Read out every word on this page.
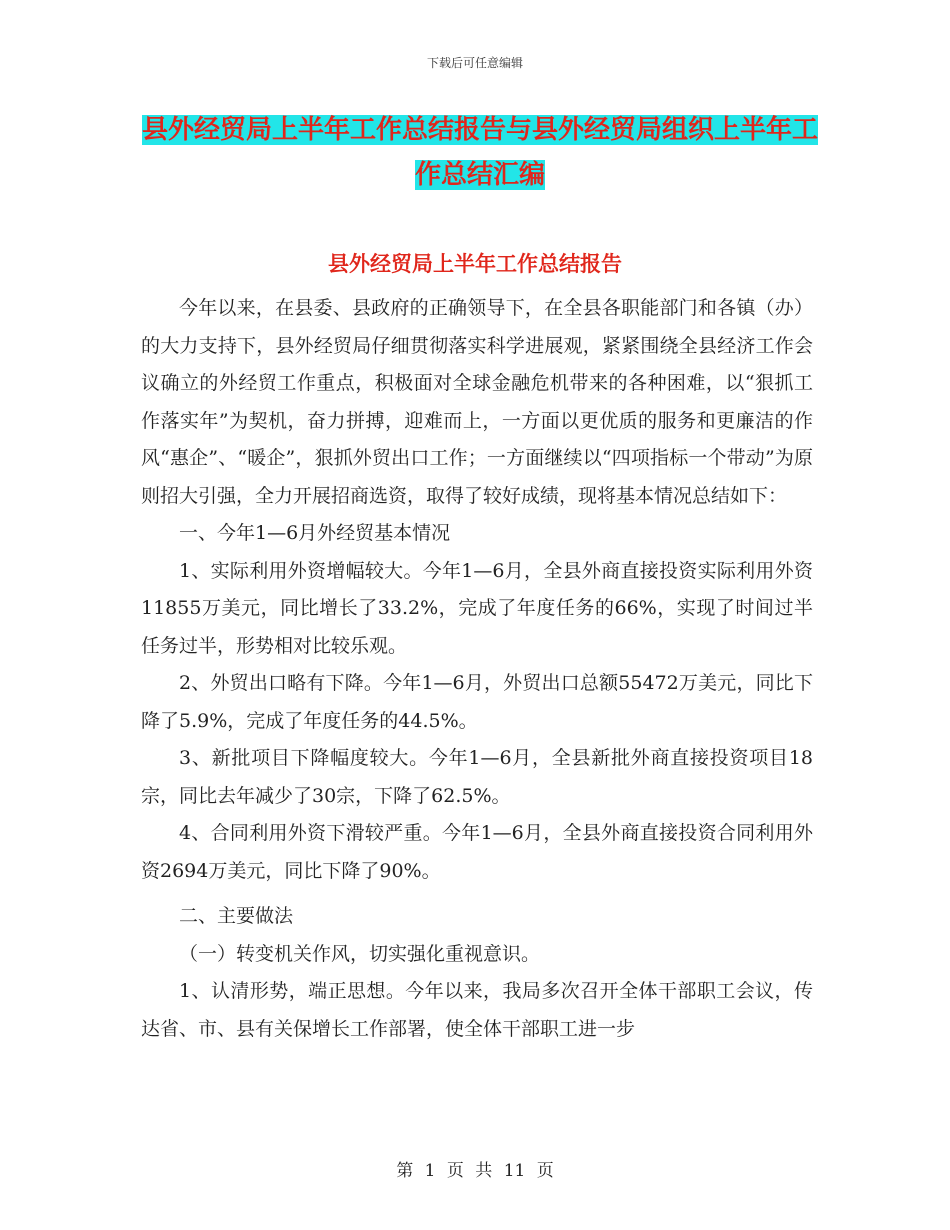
下载后可任意编辑
县外经贸局上半年工作总结报告与县外经贸局组织上半年工作总结汇编
县外经贸局上半年工作总结报告

今年以来，在县委、县政府的正确领导下，在全县各职能部门和各镇（办）的大力支持下，县外经贸局仔细贯彻落实科学进展观，紧紧围绕全县经济工作会议确立的外经贸工作重点，积极面对全球金融危机带来的各种困难，以“狠抓工作落实年”为契机，奋力拼搏，迎难而上，一方面以更优质的服务和更廉洁的作风“惠企”、“暖企”，狠抓外贸出口工作；一方面继续以“四项指标一个带动”为原则招大引强，全力开展招商选资，取得了较好成绩，现将基本情况总结如下：

一、今年1—6月外经贸基本情况

1、实际利用外资增幅较大。今年1—6月，全县外商直接投资实际利用外资11855万美元，同比增长了33.2%，完成了年度任务的66%，实现了时间过半任务过半，形势相对比较乐观。

2、外贸出口略有下降。今年1—6月，外贸出口总额55472万美元，同比下降了5.9%，完成了年度任务的44.5%。

3、新批项目下降幅度较大。今年1—6月，全县新批外商直接投资项目18宗，同比去年减少了30宗，下降了62.5%。

4、合同利用外资下滑较严重。今年1—6月，全县外商直接投资合同利用外资2694万美元，同比下降了90%。

二、主要做法

（一）转变机关作风，切实强化重视意识。

1、认清形势，端正思想。今年以来，我局多次召开全体干部职工会议，传达省、市、县有关保增长工作部署，使全体干部职工进一步

第 1 页 共 11 页
